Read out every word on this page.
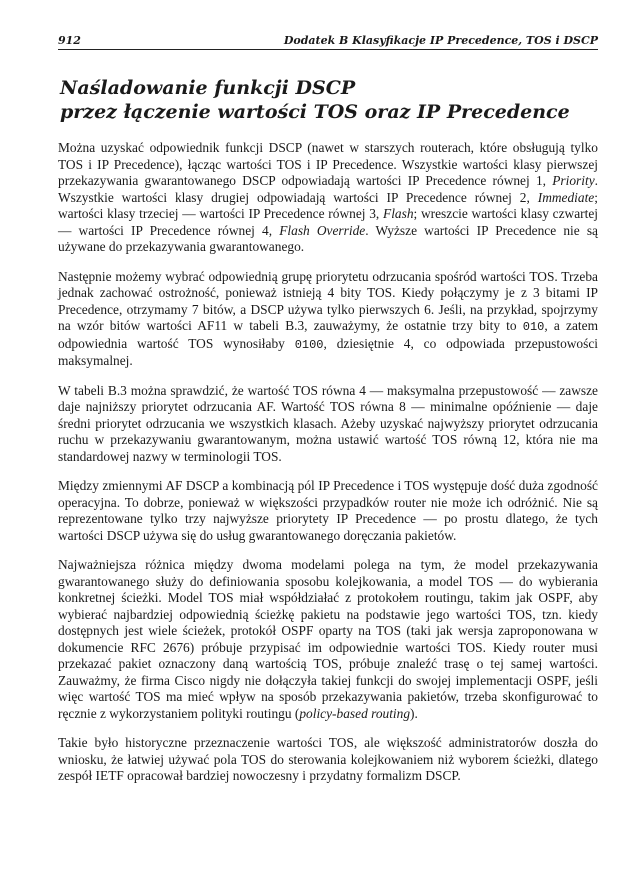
912	Dodatek B Klasyfikacje IP Precedence, TOS i DSCP
Naśladowanie funkcji DSCP
przez łączenie wartości TOS oraz IP Precedence

Można uzyskać odpowiednik funkcji DSCP (nawet w starszych routerach, które obsługują tylko TOS i IP Precedence), łącząc wartości TOS i IP Precedence. Wszystkie wartości klasy pierwszej przekazywania gwarantowanego DSCP odpowiadają wartości IP Precedence równej 1, Priority. Wszystkie wartości klasy drugiej odpowiadają wartości IP Precedence równej 2, Immediate; wartości klasy trzeciej — wartości IP Precedence równej 3, Flash; wreszcie wartości klasy czwartej — wartości IP Precedence równej 4, Flash Override. Wyższe wartości IP Precedence nie są używane do przekazywania gwarantowanego.

Następnie możemy wybrać odpowiednią grupę priorytetu odrzucania spośród wartości TOS. Trzeba jednak zachować ostrożność, ponieważ istnieją 4 bity TOS. Kiedy połączymy je z 3 bitami IP Precedence, otrzymamy 7 bitów, a DSCP używa tylko pierwszych 6. Jeśli, na przykład, spojrzymy na wzór bitów wartości AF11 w tabeli B.3, zauważymy, że ostatnie trzy bity to 010, a zatem odpowiednia wartość TOS wynosiłaby 0100, dziesiętnie 4, co odpowiada przepustowości maksymalnej.

W tabeli B.3 można sprawdzić, że wartość TOS równa 4 — maksymalna przepustowość — zawsze daje najniższy priorytet odrzucania AF. Wartość TOS równa 8 — minimalne opóźnienie — daje średni priorytet odrzucania we wszystkich klasach. Ażeby uzyskać najwyższy priorytet odrzucania ruchu w przekazywaniu gwarantowanym, można ustawić wartość TOS równą 12, która nie ma standardowej nazwy w terminologii TOS.

Między zmiennymi AF DSCP a kombinacją pól IP Precedence i TOS występuje dość duża zgodność operacyjna. To dobrze, ponieważ w większości przypadków router nie może ich odróżnić. Nie są reprezentowane tylko trzy najwyższe priorytety IP Precedence — po prostu dlatego, że tych wartości DSCP używa się do usług gwarantowanego doręczania pakietów.

Najważniejsza różnica między dwoma modelami polega na tym, że model przekazywania gwarantowanego służy do definiowania sposobu kolejkowania, a model TOS — do wybierania konkretnej ścieżki. Model TOS miał współdziałać z protokołem routingu, takim jak OSPF, aby wybierać najbardziej odpowiednią ścieżkę pakietu na podstawie jego wartości TOS, tzn. kiedy dostępnych jest wiele ścieżek, protokół OSPF oparty na TOS (taki jak wersja zaproponowana w dokumencie RFC 2676) próbuje przypisać im odpowiednie wartości TOS. Kiedy router musi przekazać pakiet oznaczony daną wartością TOS, próbuje znaleźć trasę o tej samej wartości. Zauważmy, że firma Cisco nigdy nie dołączyła takiej funkcji do swojej implementacji OSPF, jeśli więc wartość TOS ma mieć wpływ na sposób przekazywania pakietów, trzeba skonfigurować to ręcznie z wykorzystaniem polityki routingu (policy-based routing).

Takie było historyczne przeznaczenie wartości TOS, ale większość administratorów doszła do wniosku, że łatwiej używać pola TOS do sterowania kolejkowaniem niż wyborem ścieżki, dlatego zespół IETF opracował bardziej nowoczesny i przydatny formalizm DSCP.
